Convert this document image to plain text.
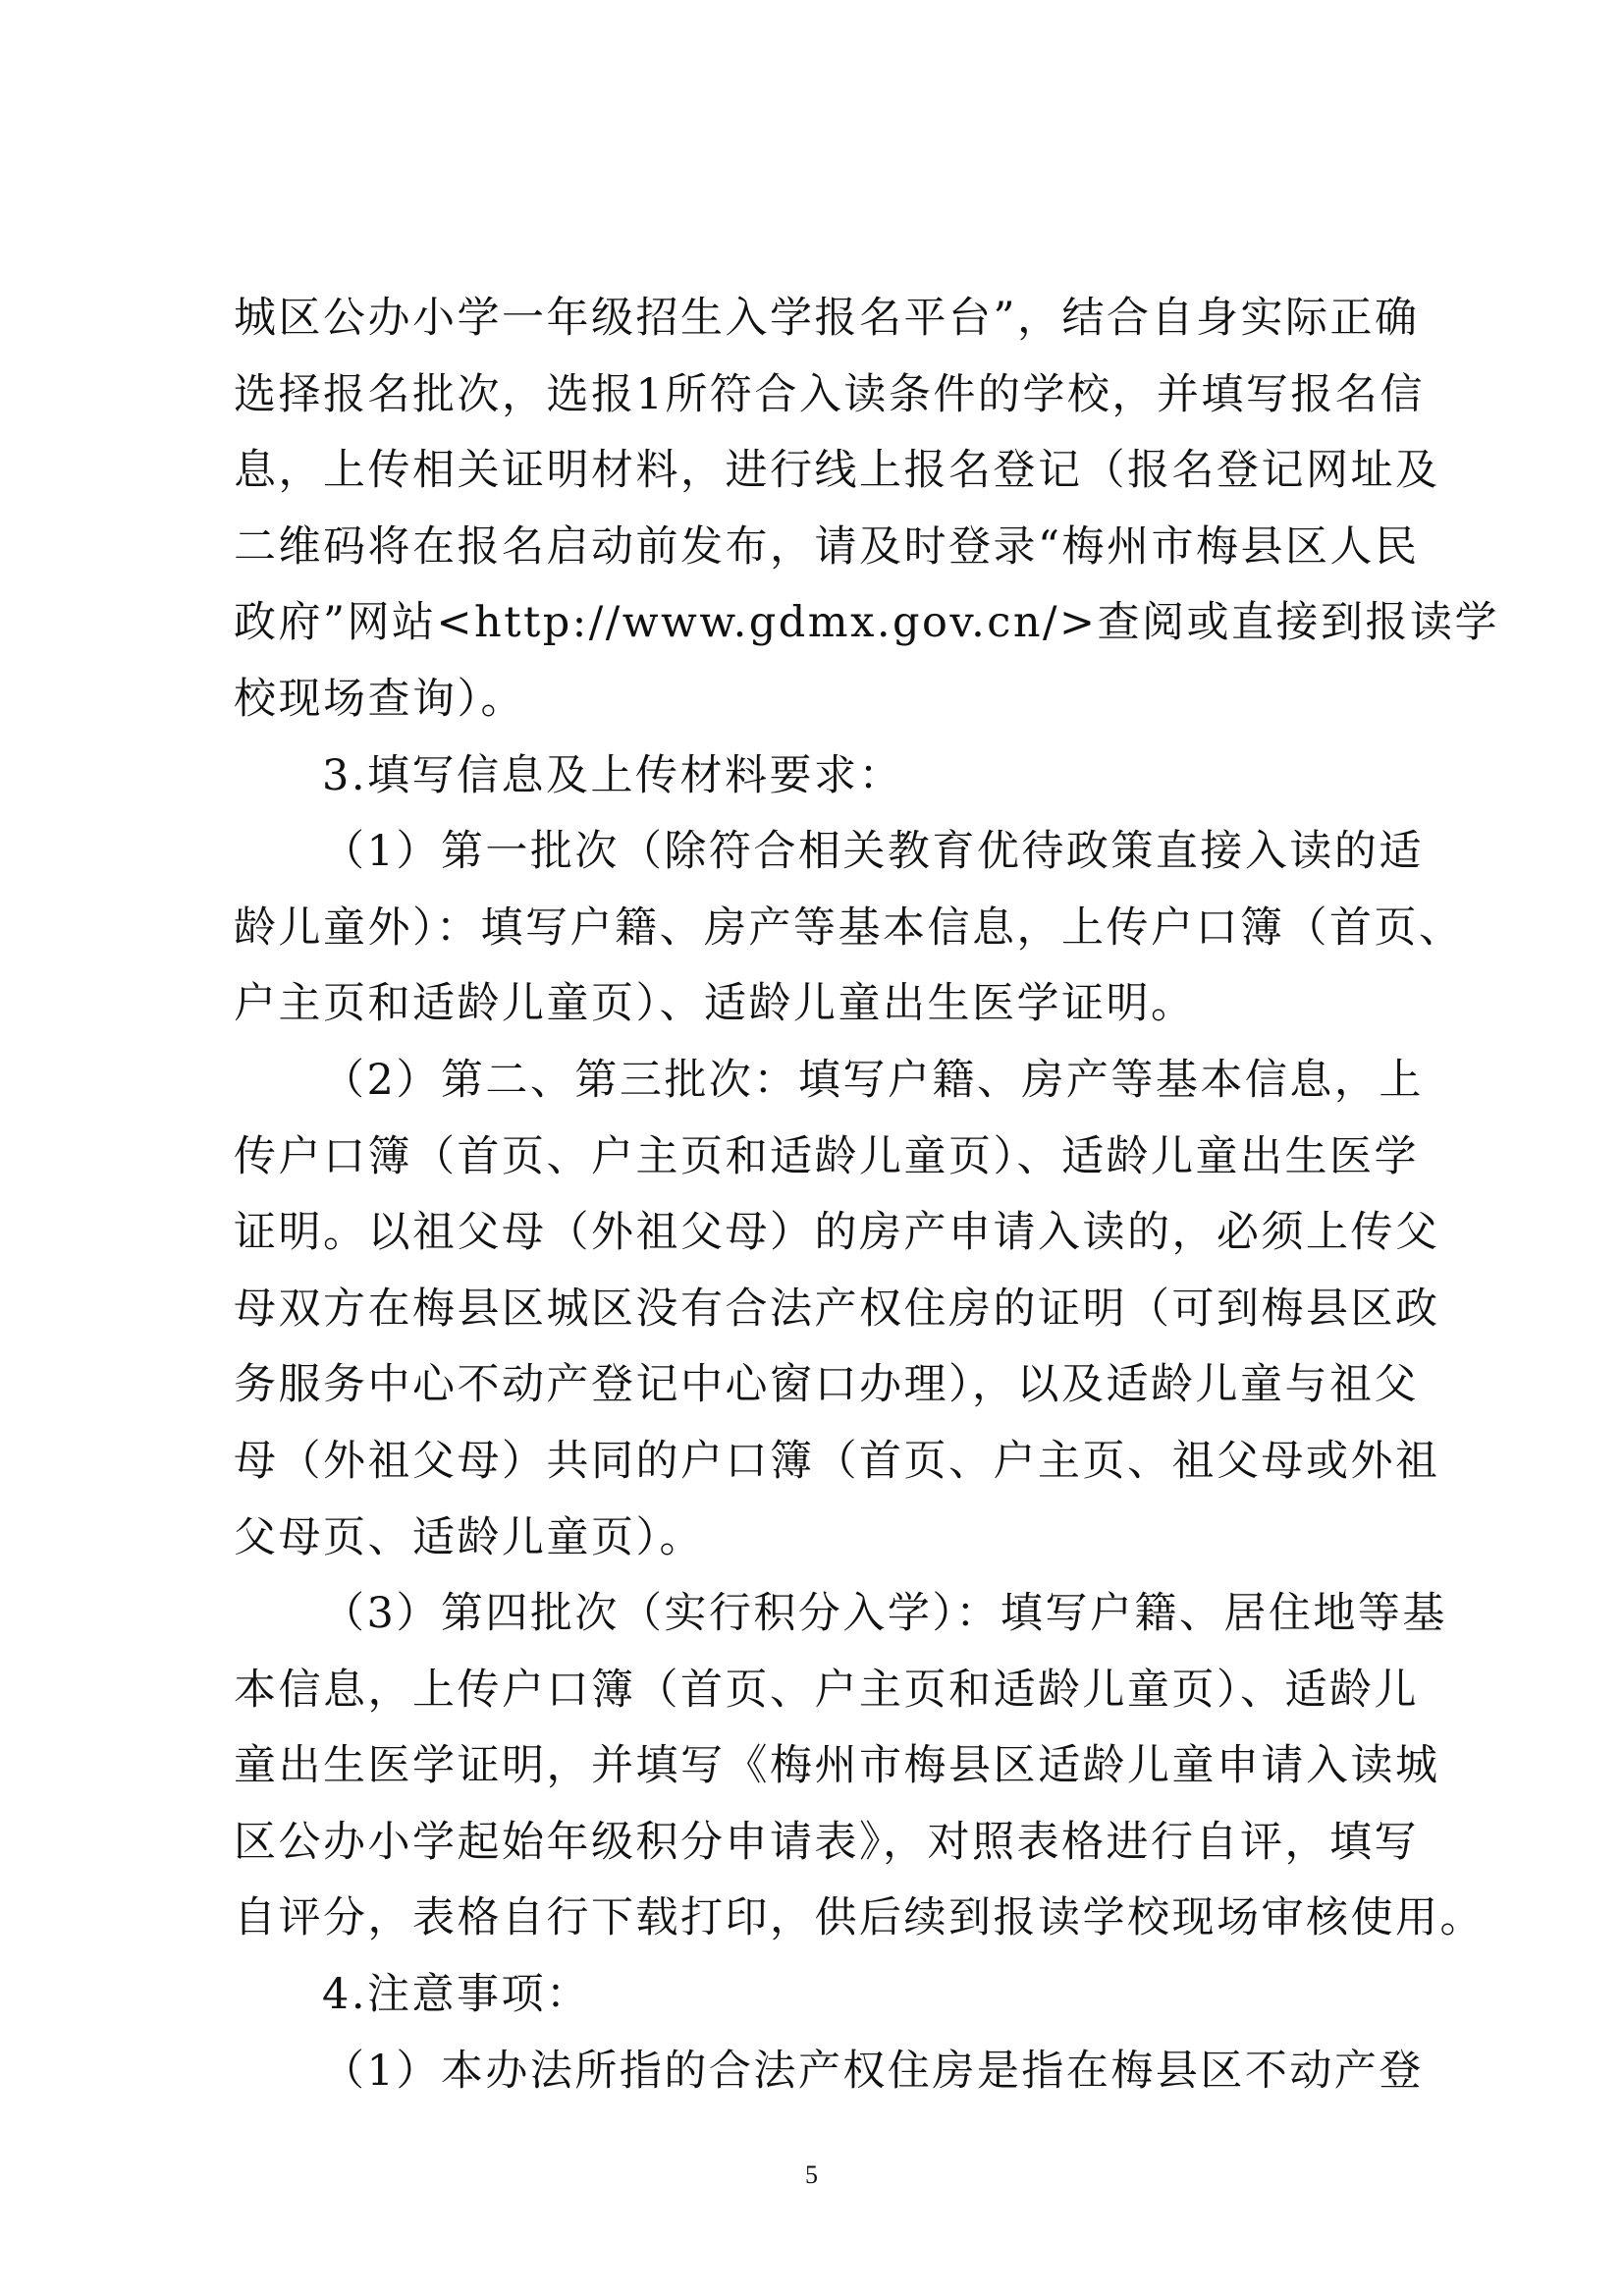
城区公办小学一年级招生入学报名平台”，结合自身实际正确
选择报名批次，选报1所符合入读条件的学校，并填写报名信
息，上传相关证明材料，进行线上报名登记（报名登记网址及
二维码将在报名启动前发布，请及时登录“梅州市梅县区人民
政府”网站<http://www.gdmx.gov.cn/>查阅或直接到报读学
校现场查询）。
3.填写信息及上传材料要求：
（1）第一批次（除符合相关教育优待政策直接入读的适
龄儿童外）：填写户籍、房产等基本信息，上传户口簿（首页、
户主页和适龄儿童页）、适龄儿童出生医学证明。
（2）第二、第三批次：填写户籍、房产等基本信息，上
传户口簿（首页、户主页和适龄儿童页）、适龄儿童出生医学
证明。以祖父母（外祖父母）的房产申请入读的，必须上传父
母双方在梅县区城区没有合法产权住房的证明（可到梅县区政
务服务中心不动产登记中心窗口办理），以及适龄儿童与祖父
母（外祖父母）共同的户口簿（首页、户主页、祖父母或外祖
父母页、适龄儿童页）。
（3）第四批次（实行积分入学）：填写户籍、居住地等基
本信息，上传户口簿（首页、户主页和适龄儿童页）、适龄儿
童出生医学证明，并填写《梅州市梅县区适龄儿童申请入读城
区公办小学起始年级积分申请表》，对照表格进行自评，填写
自评分，表格自行下载打印，供后续到报读学校现场审核使用。
4.注意事项：
（1）本办法所指的合法产权住房是指在梅县区不动产登
5
